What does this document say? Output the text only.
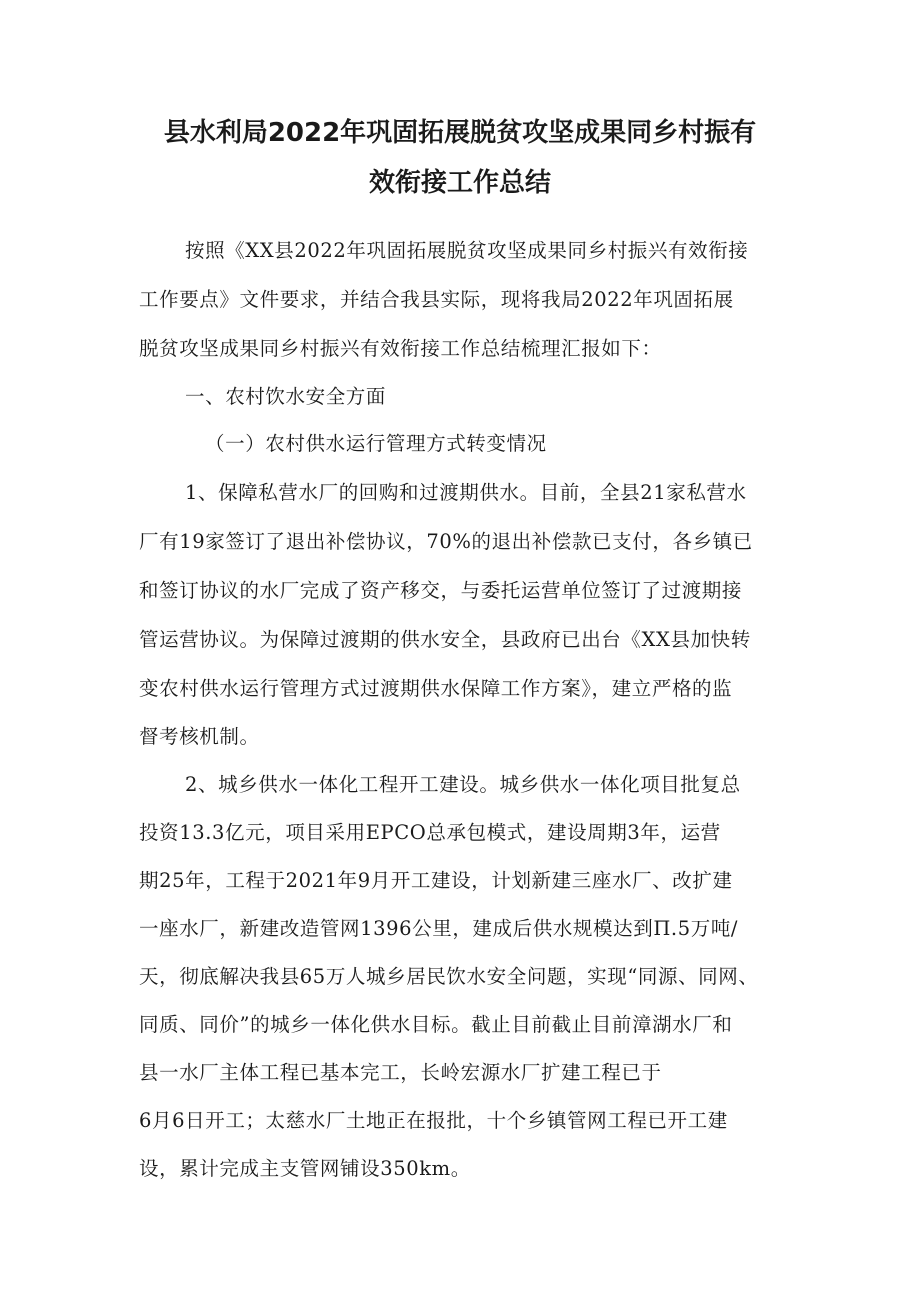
县水利局2022年巩固拓展脱贫攻坚成果同乡村振有
效衔接工作总结
按照《XX县2022年巩固拓展脱贫攻坚成果同乡村振兴有效衔接
工作要点》文件要求，并结合我县实际，现将我局2022年巩固拓展
脱贫攻坚成果同乡村振兴有效衔接工作总结梳理汇报如下：
一、农村饮水安全方面
（一）农村供水运行管理方式转变情况
1、保障私营水厂的回购和过渡期供水。目前，全县21家私营水
厂有19家签订了退出补偿协议，70%的退出补偿款已支付，各乡镇已
和签订协议的水厂完成了资产移交，与委托运营单位签订了过渡期接
管运营协议。为保障过渡期的供水安全，县政府已出台《XX县加快转
变农村供水运行管理方式过渡期供水保障工作方案》，建立严格的监
督考核机制。
2、城乡供水一体化工程开工建设。城乡供水一体化项目批复总
投资13.3亿元，项目采用EPCO总承包模式，建设周期3年，运营
期25年，工程于2021年9月开工建设，计划新建三座水厂、改扩建
一座水厂，新建改造管网1396公里，建成后供水规模达到Π.5万吨/
天，彻底解决我县65万人城乡居民饮水安全问题，实现“同源、同网、
同质、同价”的城乡一体化供水目标。截止目前截止目前漳湖水厂和
县一水厂主体工程已基本完工，长岭宏源水厂扩建工程已于
6月6日开工；太慈水厂土地正在报批，十个乡镇管网工程已开工建
设，累计完成主支管网铺设350km。
